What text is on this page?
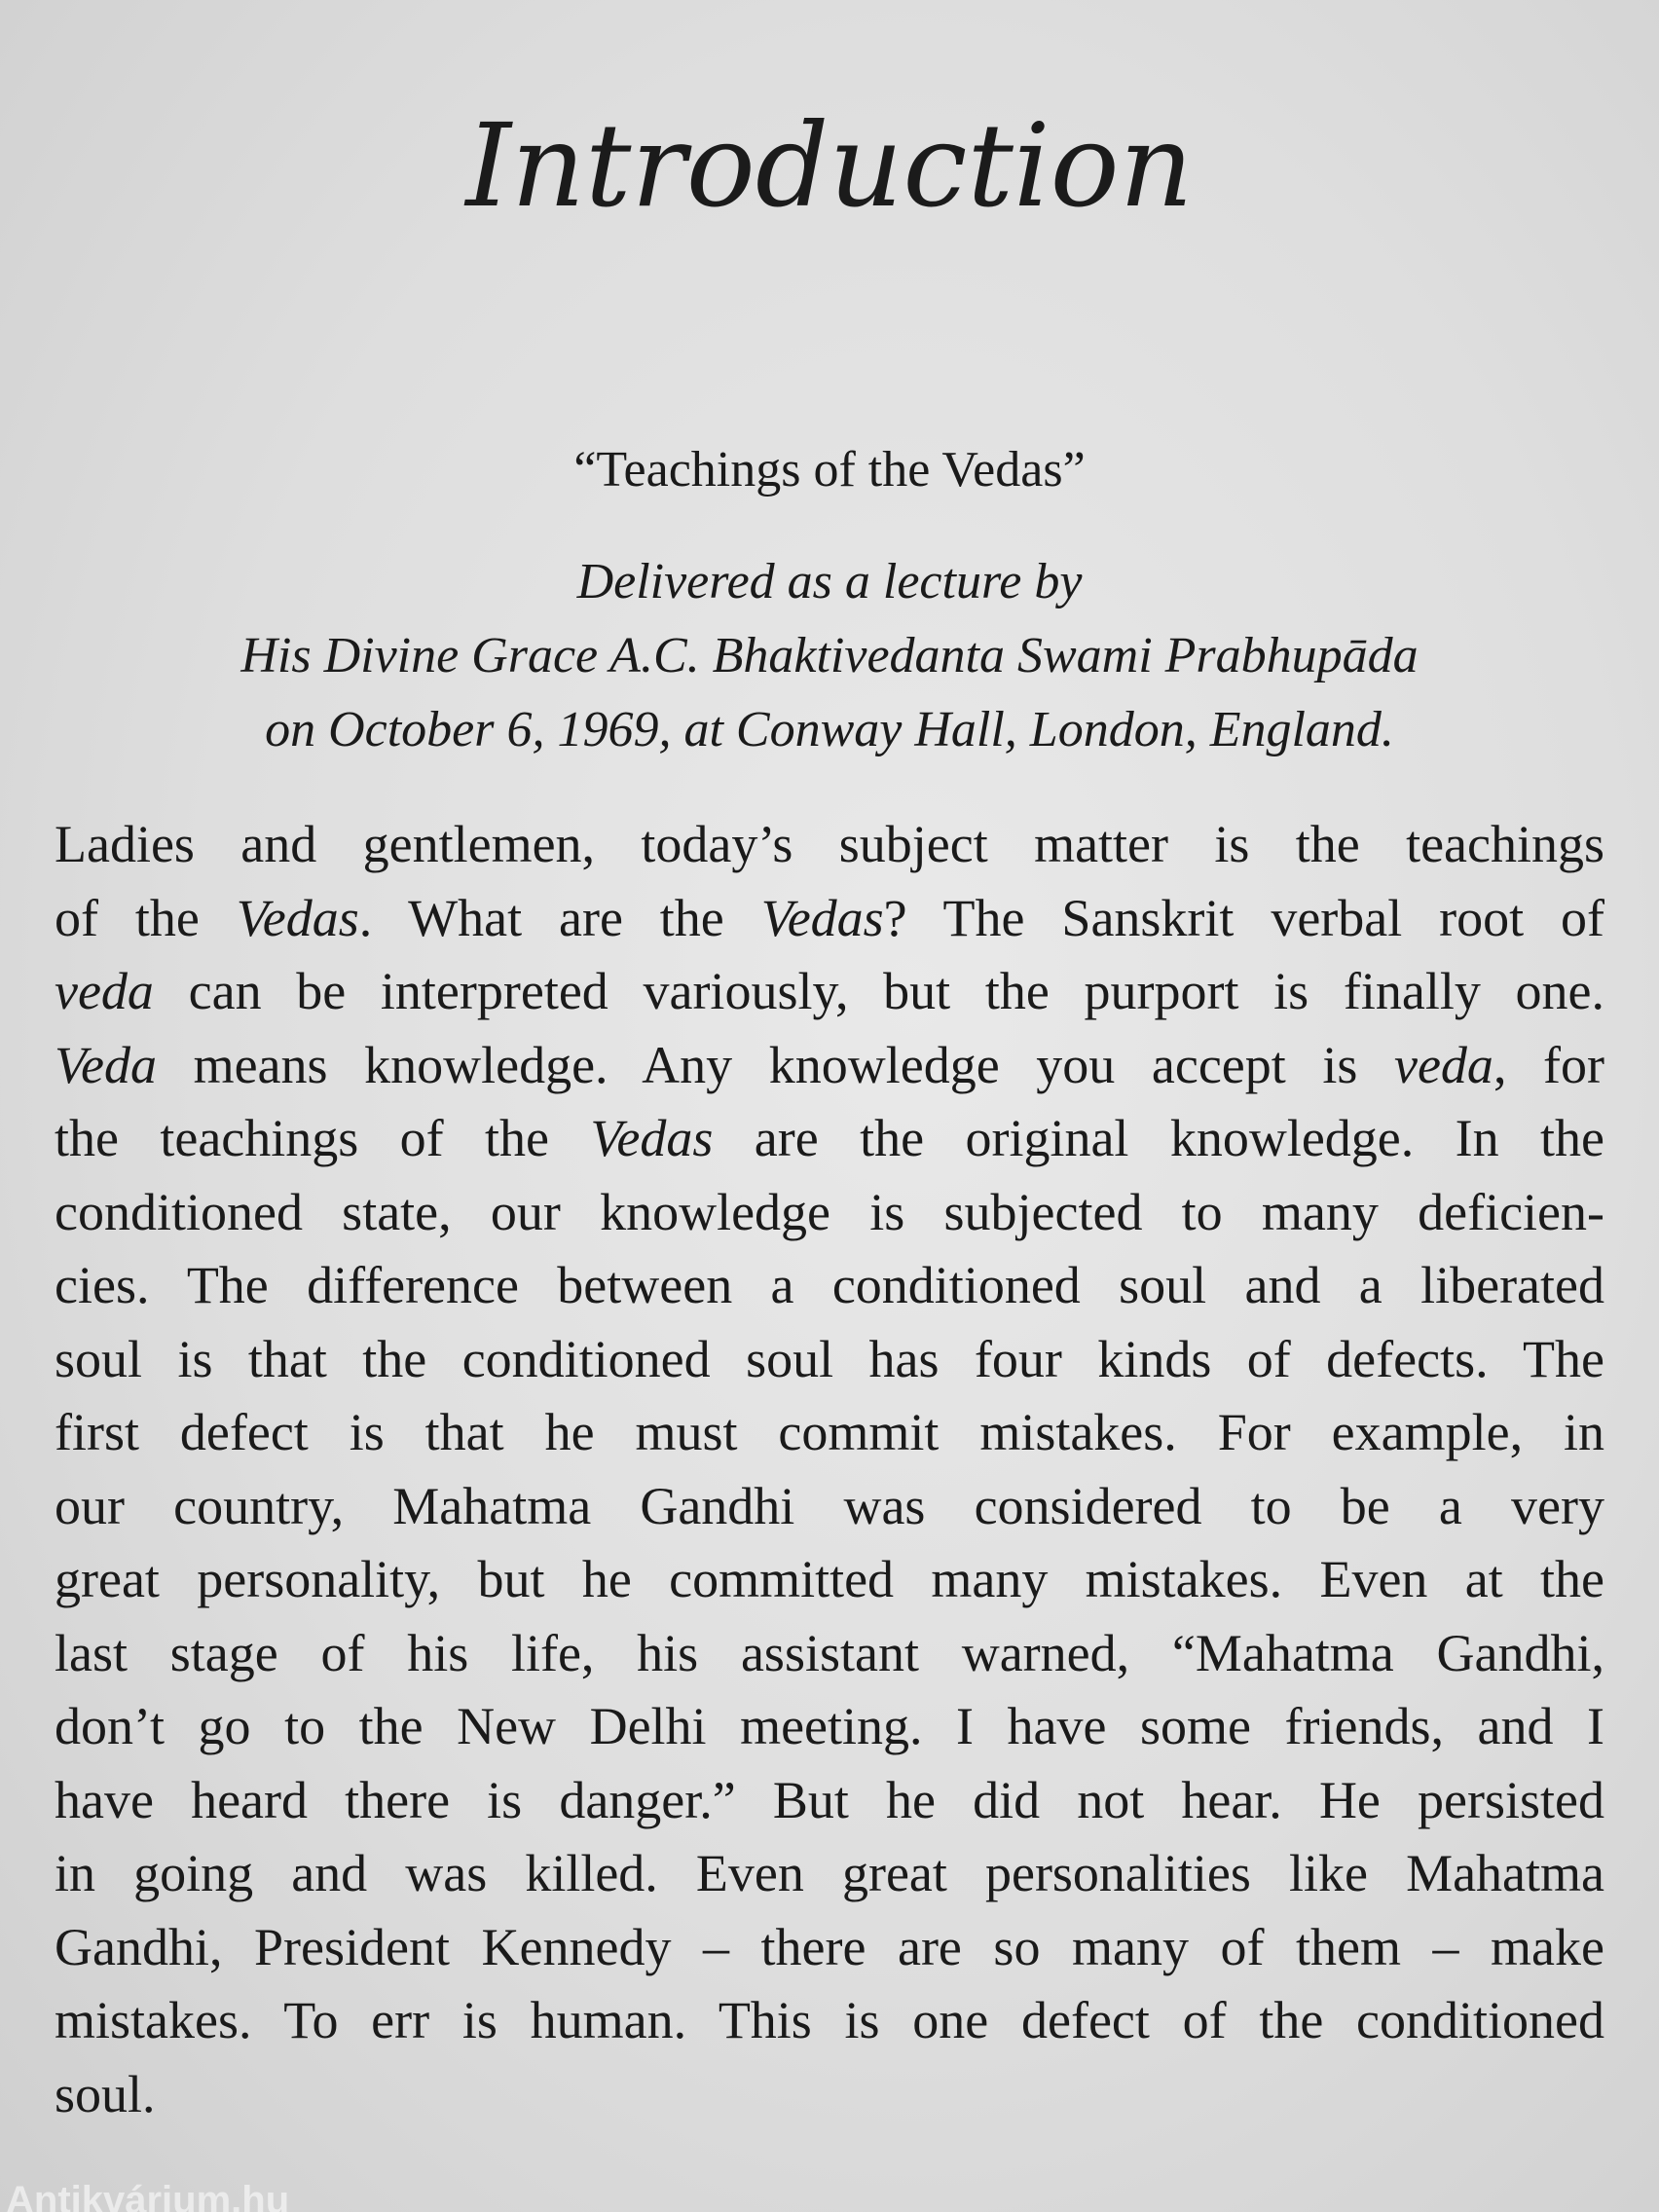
Introduction

“Teachings of the Vedas”

Delivered as a lecture by
His Divine Grace A.C. Bhaktivedanta Swami Prabhupāda
on October 6, 1969, at Conway Hall, London, England.
Ladies and gentlemen, today’s subject matter is the teachings
of the Vedas. What are the Vedas? The Sanskrit verbal root of
veda can be interpreted variously, but the purport is finally one.
Veda means knowledge. Any knowledge you accept is veda, for
the teachings of the Vedas are the original knowledge. In the
conditioned state, our knowledge is subjected to many deficien-
cies. The difference between a conditioned soul and a liberated
soul is that the conditioned soul has four kinds of defects. The
first defect is that he must commit mistakes. For example, in
our country, Mahatma Gandhi was considered to be a very
great personality, but he committed many mistakes. Even at the
last stage of his life, his assistant warned, “Mahatma Gandhi,
don’t go to the New Delhi meeting. I have some friends, and I
have heard there is danger.” But he did not hear. He persisted
in going and was killed. Even great personalities like Mahatma
Gandhi, President Kennedy – there are so many of them – make
mistakes. To err is human. This is one defect of the conditioned
soul.
Antikvárium.hu
